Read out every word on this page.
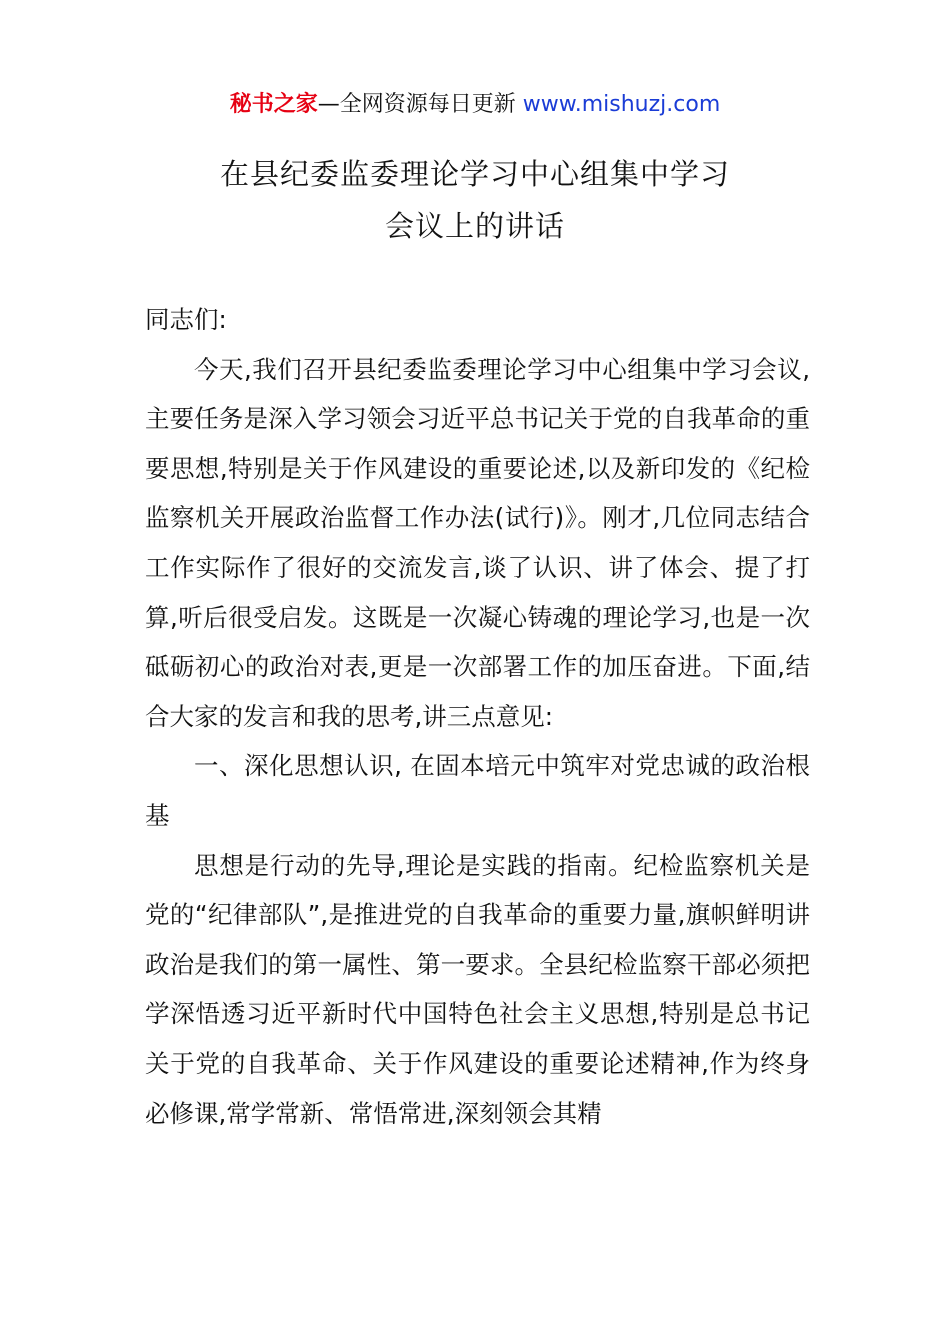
秘书之家—全网资源每日更新 www.mishuzj.com
在县纪委监委理论学习中心组集中学习
会议上的讲话

同志们:

今天,我们召开县纪委监委理论学习中心组集中学习会议,主要任务是深入学习领会习近平总书记关于党的自我革命的重要思想,特别是关于作风建设的重要论述,以及新印发的《纪检监察机关开展政治监督工作办法(试行)》。刚才,几位同志结合工作实际作了很好的交流发言,谈了认识、讲了体会、提了打算,听后很受启发。这既是一次凝心铸魂的理论学习,也是一次砥砺初心的政治对表,更是一次部署工作的加压奋进。下面,结合大家的发言和我的思考,讲三点意见:

一、深化思想认识, 在固本培元中筑牢对党忠诚的政治根基

思想是行动的先导,理论是实践的指南。纪检监察机关是党的“纪律部队”,是推进党的自我革命的重要力量,旗帜鲜明讲政治是我们的第一属性、第一要求。全县纪检监察干部必须把学深悟透习近平新时代中国特色社会主义思想,特别是总书记关于党的自我革命、关于作风建设的重要论述精神,作为终身必修课,常学常新、常悟常进,深刻领会其精
